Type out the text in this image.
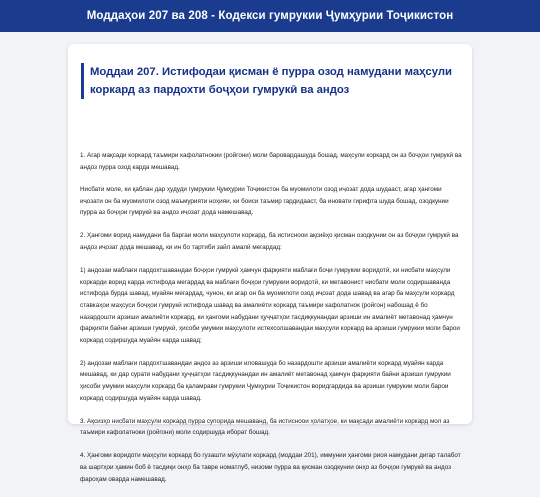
Моддаҳои 207 ва 208 - Кодекси гумрукии Ҷумҳурии Тоҷикистон
Моддаи 207. Истифодаи қисман ё пурра озод намудани маҳсули коркард аз пардохти боҷҳои гумрукӣ ва андоз

1. Агар мақсади коркард таъмири кафолатнокии (ройгони) моли баровардашуда бошад, маҳсули коркард он аз боҷҳои гумрукӣ ва андоз пурра озод карда мешавад.

Нисбати моле, ки қаблан дар ҳудуди гумрукии Ҷумҳурии Тоҷикистон ба муомилоти озод иҷозат дода шудааст, агар ҳангоми иҷозати он ба муомилоти озод маъмурияти ноҳияи, ки боиси таъмир гардидааст, ба иновати гирифта шуда бошад, озодкунии пурра аз боҷҳои гумрукӣ ва андоз иҷозат дода намешавад.

2. Ҳангоми ворид намудани ба баргаи моли маҳсулоти коркард, ба истисноои ақсиёҳо қисман озодкунии он аз боҷҳои гумрукӣ ва андоз иҷозат дода мешавад, ки ин бо тартиби зайл амалӣ мегардад:

1) андозаи маблағи пардохтшавандаи боҷҳои гумрукӣ ҳамчун фарқияти маблағи боҷи гумрукии воридотӣ, ки нисбати маҳсули коркарди ворид карда истифода мегардад ва маблағи боҷҳои гумрукии воридотӣ, ки метавонист нисбати моли содиршаванда истифода бурда шавад, муайян мегардад, чунон, ки агар он ба муомилоти озод иҷозат дода шавад ва агар ба маҳсули коркард ставкаҳои маҳсуси боҷҳои гумрукӣ истифода шавад ва амалиёти коркард таъмири кафолатнок (ройгон) набошад ё бо назардошти арзиши амалиёти коркард, ки ҳангоми набудани ҳуҷҷатҳои тасдиқкунандаи арзиши ин амалиёт метавонад ҳамчун фарқияти байни арзиши гумрукӣ, ҳисоби умумии маҳсулоти истехсолшавандаи маҳсули коркард ва арзиши гумрукии моли барои коркард содиршуда муайян карда шавад;

2) андозаи маблағи пардохтшавандаи андоз аз арзиши иловашуда бо назардошти арзиши амалиёти коркард муайян карда мешавад, ки дар сурати набудани ҳуҷҷатҳои тасдиқкунандаи ин амалиёт метавонад ҳамчун фарқияти байни арзиши гумрукии ҳисоби умумии маҳсули коркард ба қаламрави гумрукии Ҷумҳурии Тоҷикистон воридгардида ва арзиши гумрукии моли барои коркард содиршуда муайян карда шавад.

3. Ақсизҳо нисбати маҳсули коркард пурра супорида мешаванд, ба истисноои ҳолатҳое, ки мақсади амалиёти коркард мол аз таъмири кафолатноки (ройгони) моли содиршуда иборат бошад.

4. Ҳангоми воридоти маҳсули коркард бо гузашти мӯҳлати коркард (моддаи 201), иммунии ҳангоми риоя намудани дигар талабот ва шартҳои ҳамин боб ё тасдиқи онҳо ба тавре номатлуб, низоми пурра ва қисман озодкунии онҳо аз боҷҳои гумрукӣ ва андоз фароҳам оварда намешавад.
